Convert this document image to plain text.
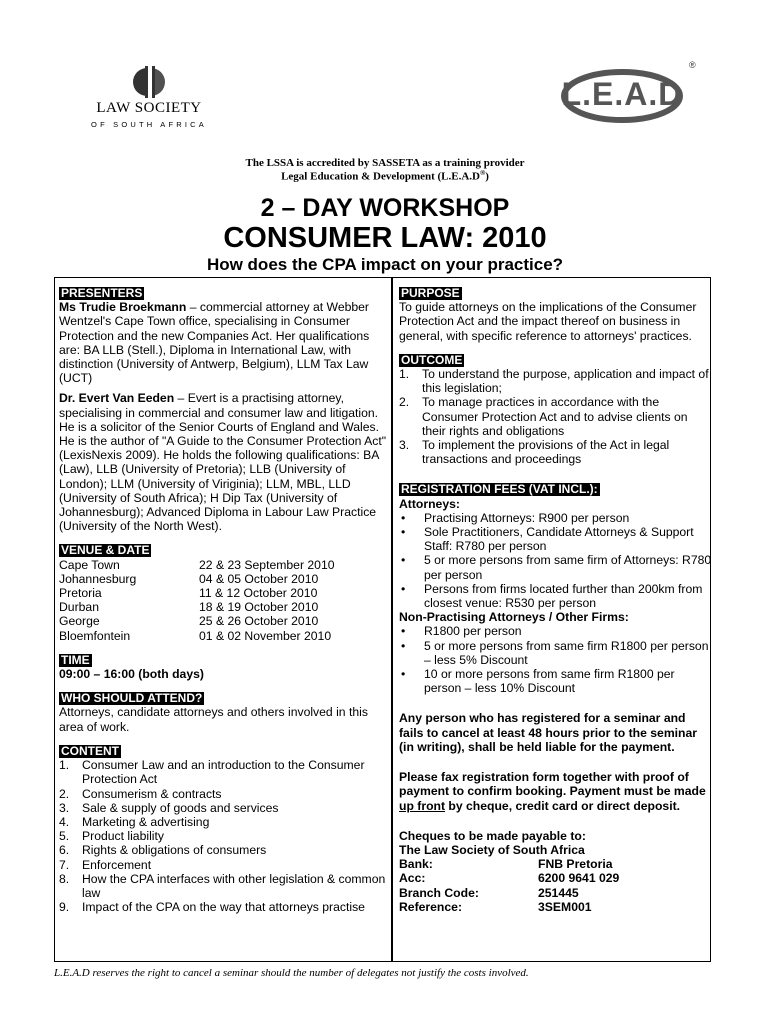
LAW SOCIETY
OF SOUTH AFRICA
L.E.A.D
®
The LSSA is accredited by SASSETA as a training provider
Legal Education & Development (L.E.A.D®)
2 – DAY WORKSHOP
CONSUMER LAW: 2010
How does the CPA impact on your practice?
PRESENTERS

Ms Trudie Broekmann – commercial attorney at Webber Wentzel's Cape Town office, specialising in Consumer Protection and the new Companies Act. Her qualifications are: BA LLB (Stell.), Diploma in International Law, with distinction (University of Antwerp, Belgium), LLM Tax Law (UCT)

Dr. Evert Van Eeden – Evert is a practising attorney, specialising in commercial and consumer law and litigation. He is a solicitor of the Senior Courts of England and Wales. He is the author of "A Guide to the Consumer Protection Act" (LexisNexis 2009). He holds the following qualifications: BA (Law), LLB (University of Pretoria); LLB (University of London); LLM (University of Viriginia); LLM, MBL, LLD (University of South Africa); H Dip Tax (University of Johannesburg); Advanced Diploma in Labour Law Practice (University of the North West).

VENUE & DATE
Cape Town	22 & 23 September 2010
Johannesburg	04 & 05 October 2010
Pretoria	11 & 12 October 2010
Durban	18 & 19 October 2010
George	25 & 26 October 2010
Bloemfontein	01 & 02 November 2010
TIME

09:00 – 16:00 (both days)

WHO SHOULD ATTEND?

Attorneys, candidate attorneys and others involved in this area of work.

CONTENT
1.	Consumer Law and an introduction to the Consumer Protection Act
2.	Consumerism & contracts
3.	Sale & supply of goods and services
4.	Marketing & advertising
5.	Product liability
6.	Rights & obligations of consumers
7.	Enforcement
8.	How the CPA interfaces with other legislation & common law
9.	Impact of the CPA on the way that attorneys practise
PURPOSE

To guide attorneys on the implications of the Consumer Protection Act and the impact thereof on business in general, with specific reference to attorneys' practices.

OUTCOME
1.	To understand the purpose, application and impact of this legislation;
2.	To manage practices in accordance with the Consumer Protection Act and to advise clients on their rights and obligations
3.	To implement the provisions of the Act in legal transactions and proceedings
REGISTRATION FEES (VAT INCL.):

Attorneys:

•	Practising Attorneys: R900 per person
•	Sole Practitioners, Candidate Attorneys & Support Staff: R780 per person
•	5 or more persons from same firm of Attorneys: R780 per person
•	Persons from firms located further than 200km from closest venue: R530 per person

Non-Practising Attorneys / Other Firms:

•	R1800 per person
•	5 or more persons from same firm R1800 per person – less 5% Discount
•	10 or more persons from same firm R1800 per person – less 10% Discount

Any person who has registered for a seminar and fails to cancel at least 48 hours prior to the seminar (in writing), shall be held liable for the payment.

Please fax registration form together with proof of payment to confirm booking. Payment must be made up front by cheque, credit card or direct deposit.

Cheques to be made payable to:

The Law Society of South Africa

Bank:	FNB Pretoria
Acc:	6200 9641 029
Branch Code:	251445
Reference:	3SEM001
L.E.A.D reserves the right to cancel a seminar should the number of delegates not justify the costs involved.
